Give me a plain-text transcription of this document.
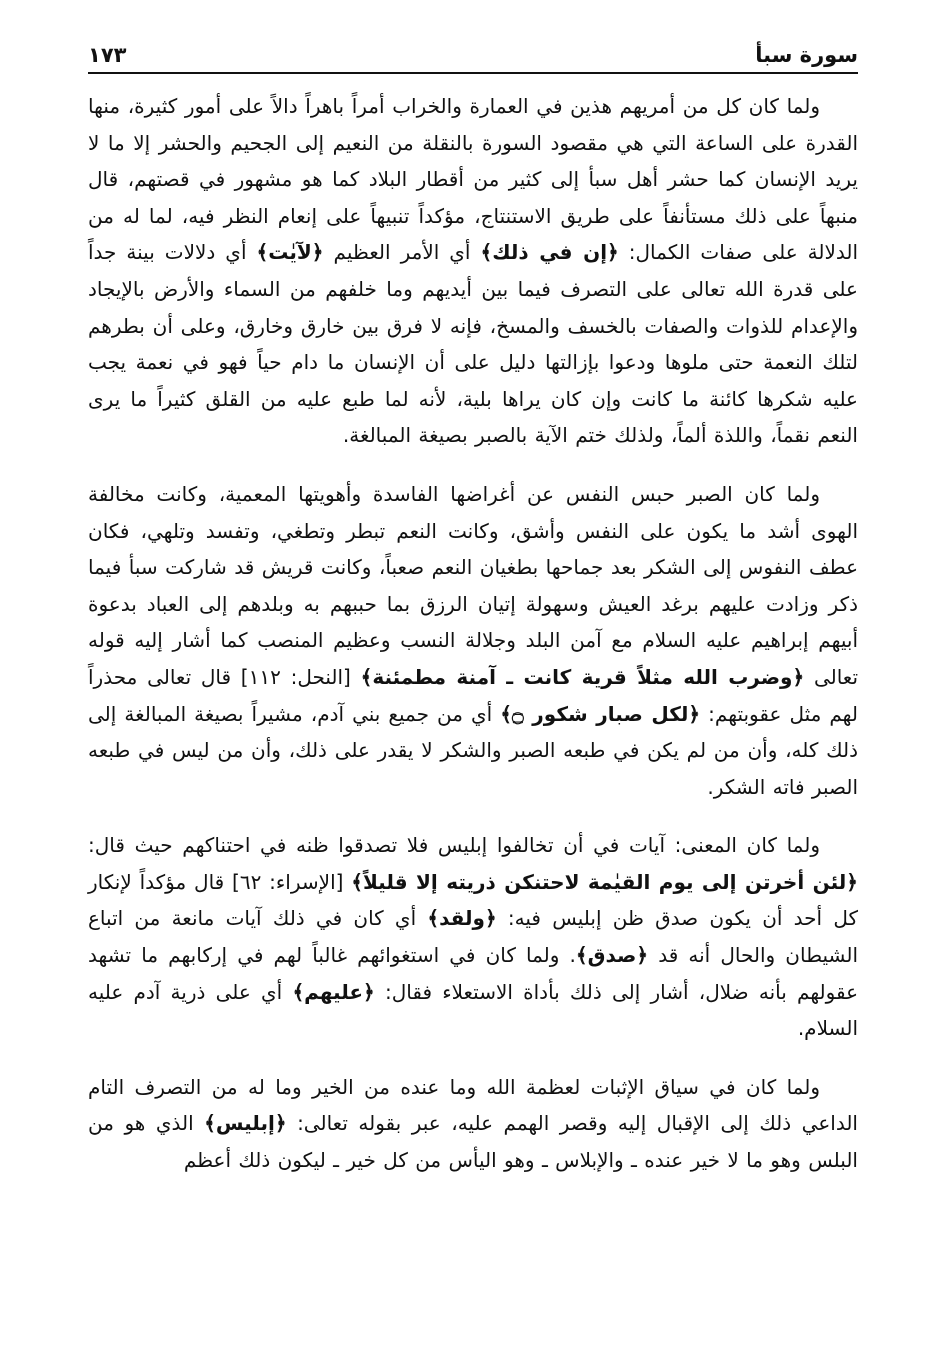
سورة سبأ
١٧٣

ولما كان كل من أمريهم هذين في العمارة والخراب أمراً باهراً دالاً على أمور كثيرة، منها القدرة على الساعة التي هي مقصود السورة بالنقلة من النعيم إلى الجحيم والحشر إلا ما لا يريد الإنسان كما حشر أهل سبأ إلى كثير من أقطار البلاد كما هو مشهور في قصتهم، قال منبهاً على ذلك مستأنفاً على طريق الاستنتاج، مؤكداً تنبيهاً على إنعام النظر فيه، لما له من الدلالة على صفات الكمال: ﴿إن في ذلك﴾ أي الأمر العظيم ﴿لآيٰت﴾ أي دلالات بينة جداً على قدرة الله تعالى على التصرف فيما بين أيديهم وما خلفهم من السماء والأرض بالإيجاد والإعدام للذوات والصفات بالخسف والمسخ، فإنه لا فرق بين خارق وخارق، وعلى أن بطرهم لتلك النعمة حتى ملوها ودعوا بإزالتها دليل على أن الإنسان ما دام حياً فهو في نعمة يجب عليه شكرها كائنة ما كانت وإن كان يراها بلية، لأنه لما طبع عليه من القلق كثيراً ما يرى النعم نقماً، واللذة ألماً، ولذلك ختم الآية بالصبر بصيغة المبالغة.

ولما كان الصبر حبس النفس عن أغراضها الفاسدة وأهويتها المعمية، وكانت مخالفة الهوى أشد ما يكون على النفس وأشق، وكانت النعم تبطر وتطغي، وتفسد وتلهي، فكان عطف النفوس إلى الشكر بعد جماحها بطغيان النعم صعباً، وكانت قريش قد شاركت سبأ فيما ذكر وزادت عليهم برغد العيش وسهولة إتيان الرزق بما حببهم به وبلدهم إلى العباد بدعوة أبيهم إبراهيم عليه السلام مع آمن البلد وجلالة النسب وعظيم المنصب كما أشار إليه قوله تعالى ﴿وضرب الله مثلاً قرية كانت ـ آمنة مطمئنة﴾ [النحل: ١١٢] قال تعالى محذراً لهم مثل عقوبتهم: ﴿لكل صبار شكور ۝﴾ أي من جميع بني آدم، مشيراً بصيغة المبالغة إلى ذلك كله، وأن من لم يكن في طبعه الصبر والشكر لا يقدر على ذلك، وأن من ليس في طبعه الصبر فاته الشكر.

ولما كان المعنى: آيات في أن تخالفوا إبليس فلا تصدقوا ظنه في احتناكهم حيث قال: ﴿لئن أخرتن إلى يوم القيٰمة لاحتنكن ذريته إلا قليلاً﴾ [الإسراء: ٦٢] قال مؤكداً لإنكار كل أحد أن يكون صدق ظن إبليس فيه: ﴿ولقد﴾ أي كان في ذلك آيات مانعة من اتباع الشيطان والحال أنه قد ﴿صدق﴾. ولما كان في استغوائهم غالباً لهم في إركابهم ما تشهد عقولهم بأنه ضلال، أشار إلى ذلك بأداة الاستعلاء فقال: ﴿عليهم﴾ أي على ذرية آدم عليه السلام.

ولما كان في سياق الإثبات لعظمة الله وما عنده من الخير وما له من التصرف التام الداعي ذلك إلى الإقبال إليه وقصر الهمم عليه، عبر بقوله تعالى: ﴿إبليس﴾ الذي هو من البلس وهو ما لا خير عنده ـ والإبلاس ـ وهو اليأس من كل خير ـ ليكون ذلك أعظم
